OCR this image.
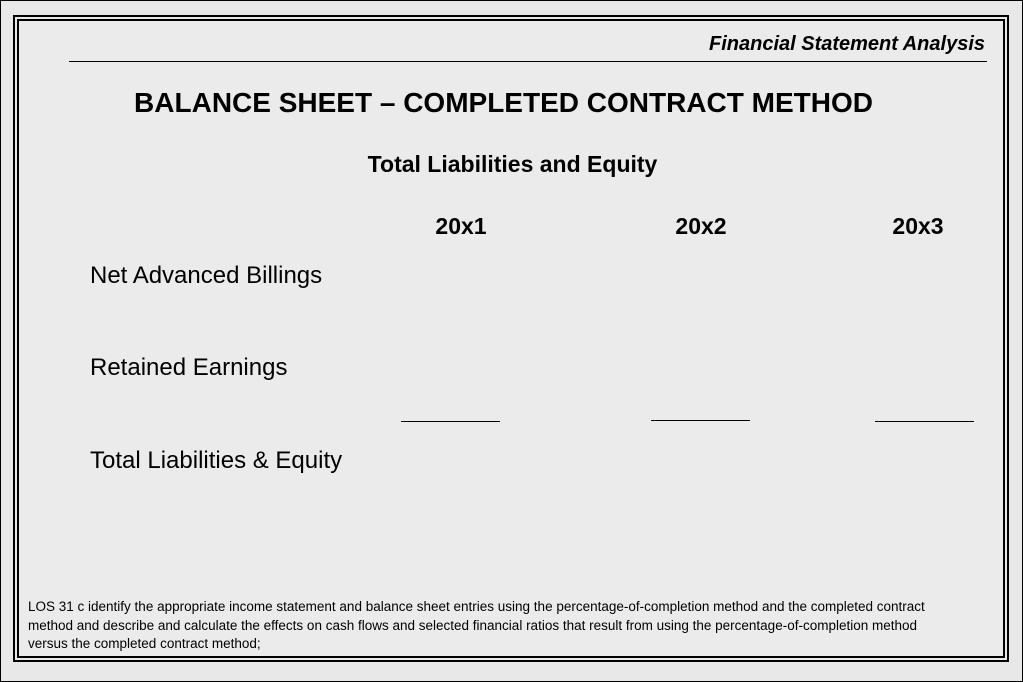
Financial Statement Analysis
BALANCE SHEET – COMPLETED CONTRACT METHOD
Total Liabilities and Equity
20x1	20x2	20x3
Net Advanced Billings
Retained Earnings
Total Liabilities & Equity
LOS 31 c identify the appropriate income statement and balance sheet entries using the percentage-of-completion method and the completed contract method and describe and calculate the effects on cash flows and selected financial ratios that result from using the percentage-of-completion method versus the completed contract method;
